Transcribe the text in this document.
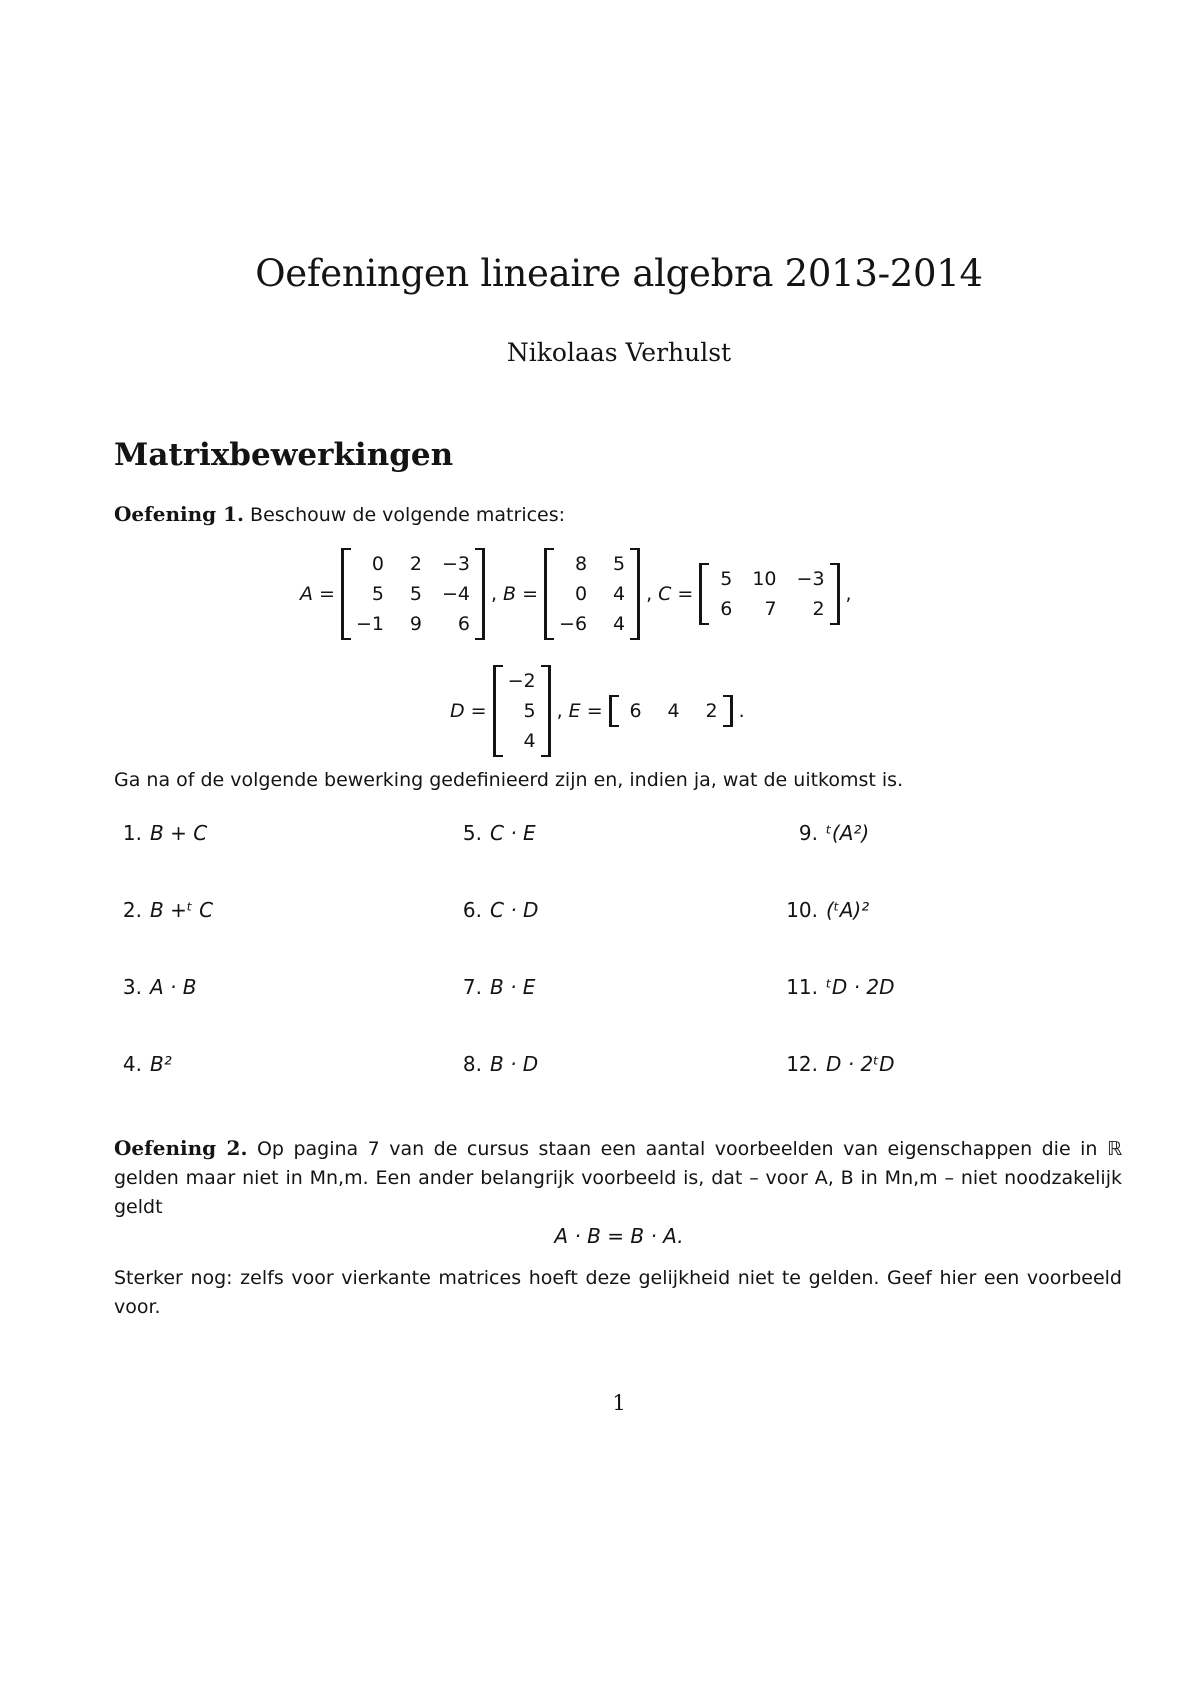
Oefeningen lineaire algebra 2013-2014
Nikolaas Verhulst
Matrixbewerkingen
Oefening 1. Beschouw de volgende matrices:
A =
0	2 −3
5	5 −4
−1	9	6
, B =
8	5
0	4
−6	4
, C =
5 10 −3
6	7	2
,
D =
−2
5
4
, E =	6	4	2 .
Ga na of de volgende bewerking gedefinieerd zijn en, indien ja, wat de uitkomst is.
1. B + C
2. B +ᵗ C
3. A · B
4. B²
5. C · E
6. C · D
7. B · E
8. B · D
9. ᵗ(A²)
10. (ᵗA)²
11. ᵗD · 2D
12. D · 2ᵗD
Oefening 2. Op pagina 7 van de cursus staan een aantal voorbeelden van eigenschappen die in ℝ gelden maar niet in Mn,m. Een ander belangrijk voorbeeld is, dat – voor A, B in Mn,m – niet noodzakelijk geldt
A · B = B · A.
Sterker nog: zelfs voor vierkante matrices hoeft deze gelijkheid niet te gelden. Geef hier een voorbeeld voor.
1
